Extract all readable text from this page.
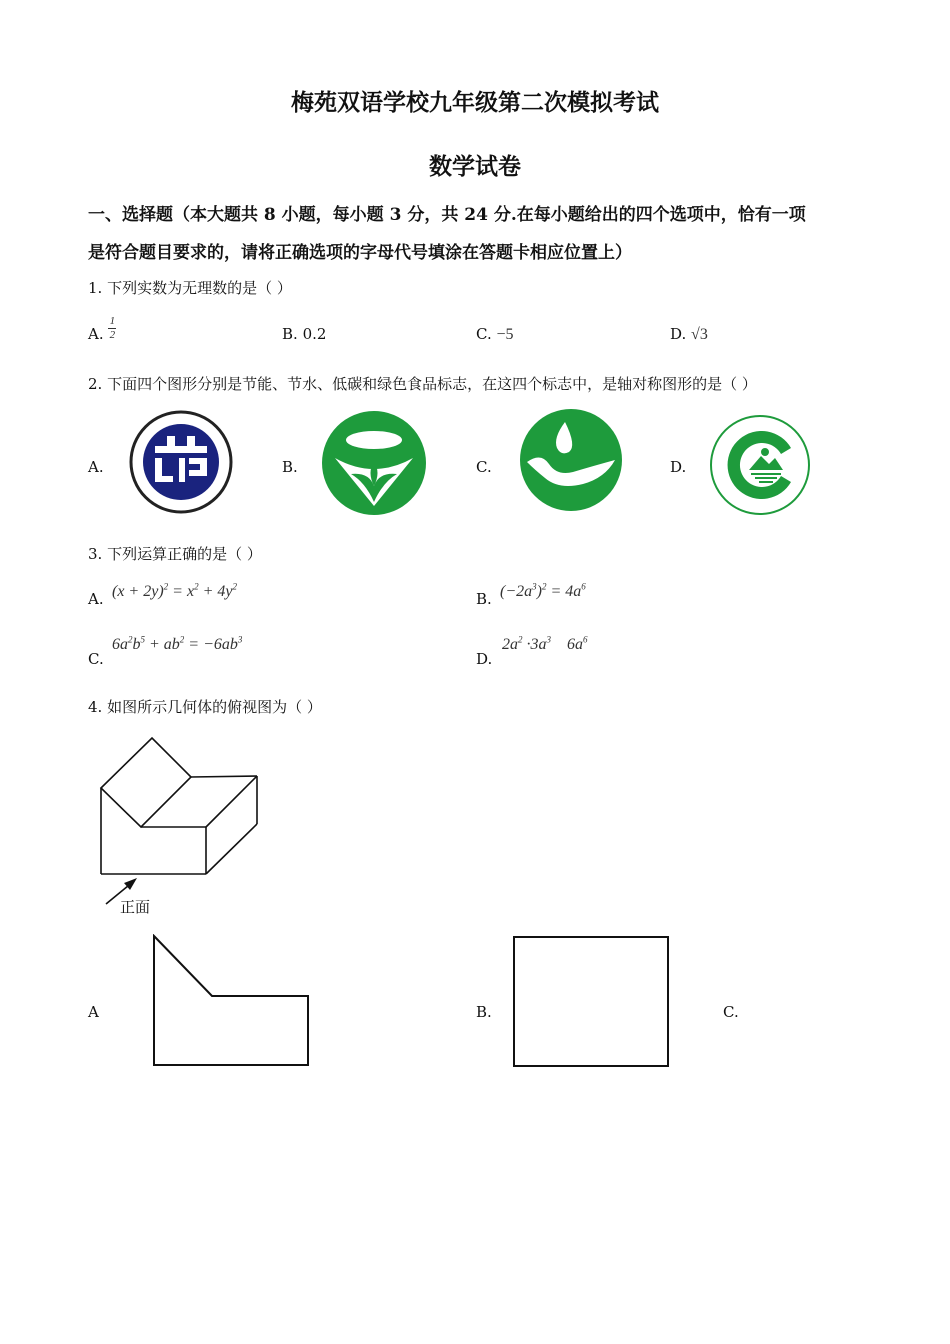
梅苑双语学校九年级第二次模拟考试
数学试卷
一、选择题（本大题共 8 小题，每小题 3 分，共 24 分.在每小题给出的四个选项中，恰有一项
是符合题目要求的，请将正确选项的字母代号填涂在答题卡相应位置上）
1. 下列实数为无理数的是（ ）
A. $\frac{1}{2}$	B. 0.2	C. −5	D. √3
2. 下面四个图形分别是节能、节水、低碳和绿色食品标志，在这四个标志中，是轴对称图形的是（ ）
A.	B.	C.	D.
3. 下列运算正确的是（ ）
A. $(x + 2y)^2 = x^2 + 4y^2$
B. $(-2a^3)^2 = 4a^6$
C.
$6a^2b^5 + ab^2 = -6ab^3$
D.
$2a^2 \cdot 3a^3$    $6a^6$
4. 如图所示几何体的俯视图为（ ）
正面
A	B.	C.
